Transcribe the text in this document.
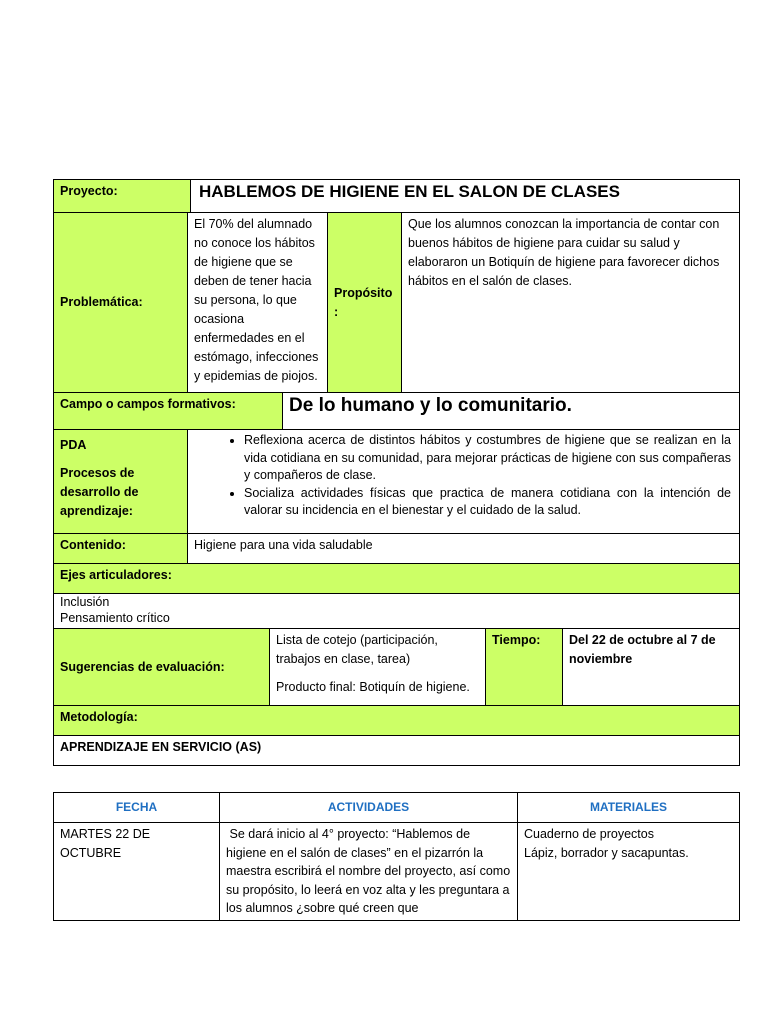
Proyecto:	HABLEMOS DE HIGIENE EN EL SALON DE CLASES
Problemática:	El 70% del alumnado no conoce los hábitos de higiene que se deben de tener hacia su persona, lo que ocasiona enfermedades en el estómago, infecciones y epidemias de piojos.	Propósito :	Que los alumnos conozcan la importancia de contar con buenos hábitos de higiene para cuidar su salud y elaboraron un Botiquín de higiene para favorecer dichos hábitos en el salón de clases.
Campo o campos formativos:	De lo humano y lo comunitario.
PDA
Procesos de desarrollo de aprendizaje:

• Reflexiona acerca de distintos hábitos y costumbres de higiene que se realizan en la vida cotidiana en su comunidad, para mejorar prácticas de higiene con sus compañeras y compañeros de clase.
• Socializa actividades físicas que practica de manera cotidiana con la intención de valorar su incidencia en el bienestar y el cuidado de la salud.
Contenido:	Higiene para una vida saludable
Ejes articuladores:

Inclusión
Pensamiento crítico
Sugerencias de evaluación:	

Lista de cotejo (participación, trabajos en clase, tarea)

Producto final: Botiquín de higiene.

	Tiempo:	Del 22 de octubre al 7 de noviembre
Metodología:
APRENDIZAJE EN SERVICIO (AS)
FECHA	ACTIVIDADES	MATERIALES
MARTES 22 DE OCTUBRE	Se dará inicio al 4° proyecto: “Hablemos de higiene en el salón de clases” en el pizarrón la maestra escribirá el nombre del proyecto, así como su propósito, lo leerá en voz alta y les preguntara a los alumnos ¿sobre qué creen que	Cuaderno de proyectos
Lápiz, borrador y sacapuntas.
